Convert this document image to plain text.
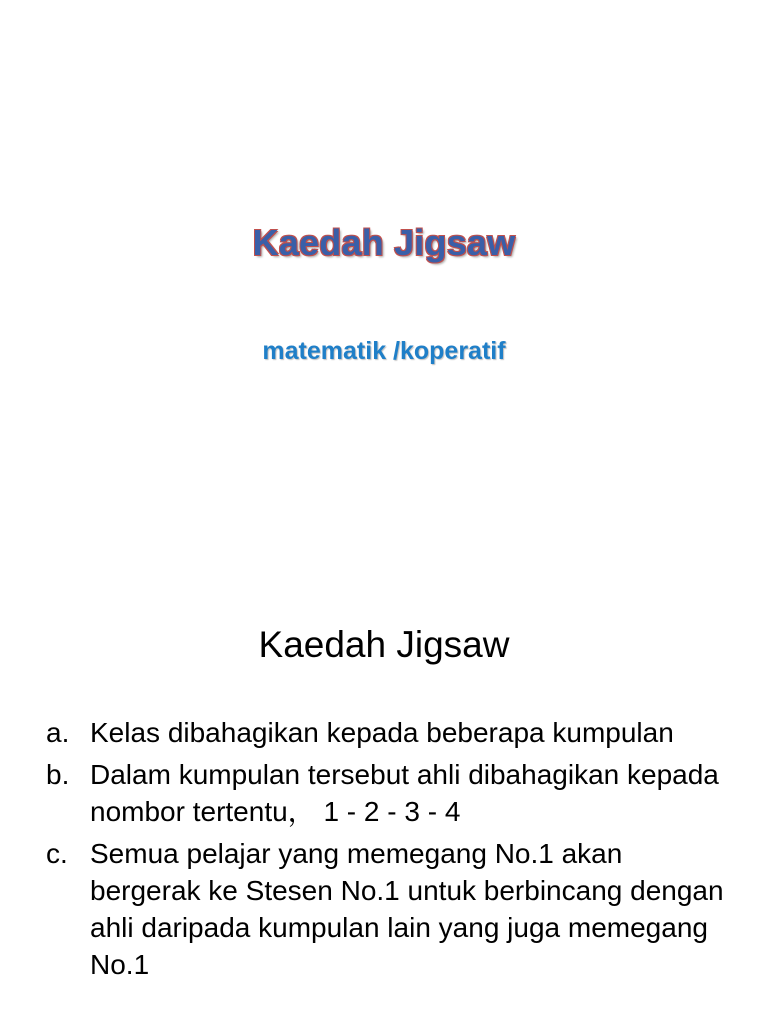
Kaedah Jigsaw
matematik /koperatif
Kaedah Jigsaw
a. Kelas dibahagikan kepada beberapa kumpulan
b. Dalam kumpulan tersebut ahli dibahagikan kepada nombor tertentu， 1 - 2 - 3 - 4
c. Semua pelajar yang memegang No.1 akan bergerak ke Stesen No.1 untuk berbincang dengan ahli daripada kumpulan lain yang juga memegang No.1
